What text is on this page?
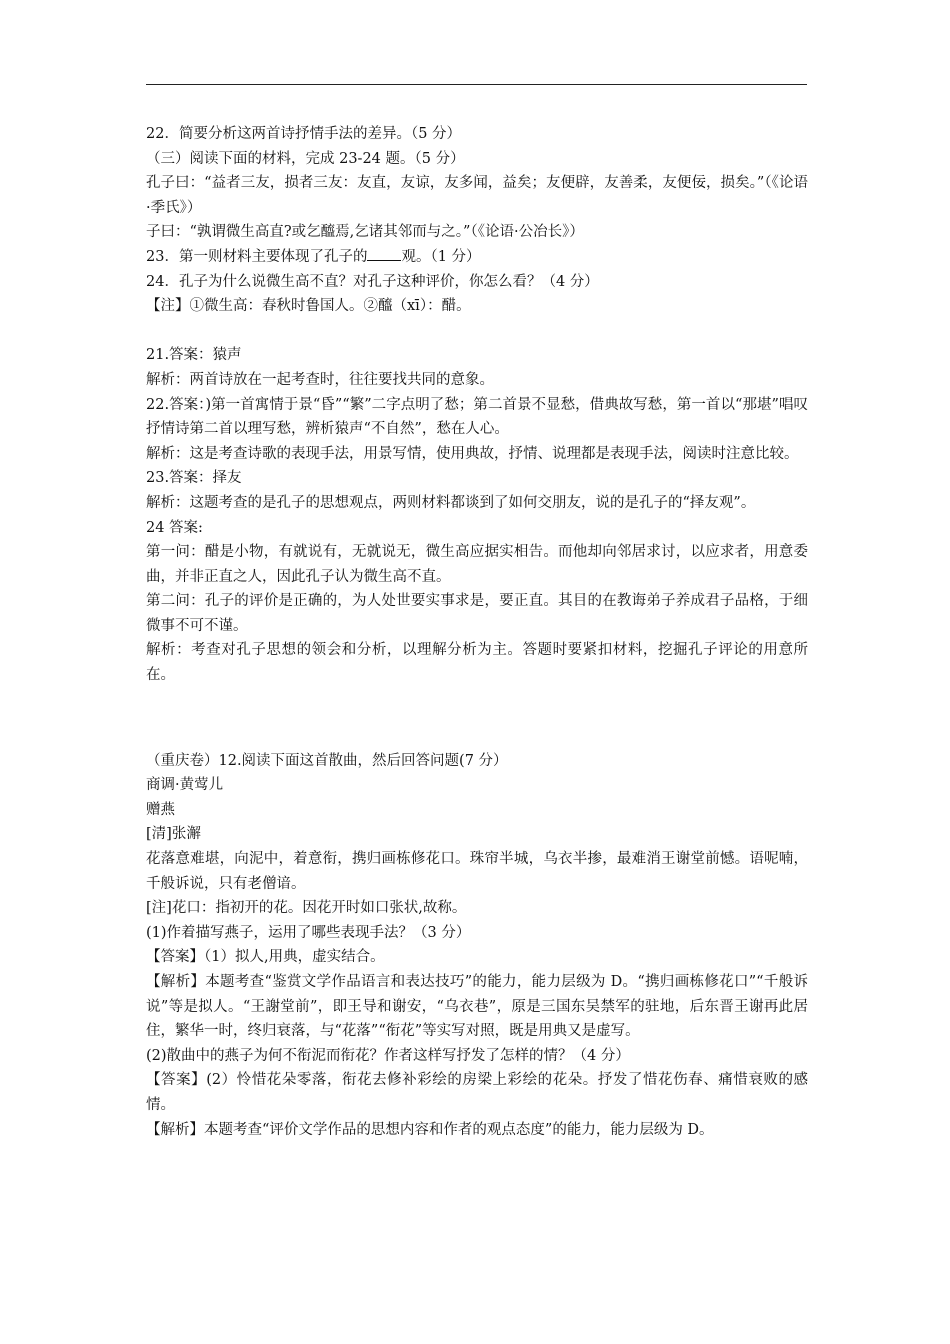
22．简要分析这两首诗抒情手法的差异。（5 分）

（三）阅读下面的材料，完成 23-24 题。（5 分）

孔子曰：“益者三友，损者三友：友直，友谅，友多闻，益矣；友便辟，友善柔，友便佞，损矣。”（《论语·季氏》）

子曰：“孰谓微生高直?或乞醯焉,乞诸其邻而与之。”（《论语·公冶长》）

23．第一则材料主要体现了孔子的 观。（1 分）

24．孔子为什么说微生高不直？对孔子这种评价，你怎么看？（4 分）

【注】①微生高：春秋时鲁国人。②醯（xī）：醋。

21.答案：猿声

解析：两首诗放在一起考查时，往往要找共同的意象。

22.答案：)第一首寓情于景“昏”“繁”二字点明了愁；第二首景不显愁，借典故写愁，第一首以“那堪”唱叹抒情诗第二首以理写愁，辨析猿声“不自然”，愁在人心。

解析：这是考查诗歌的表现手法，用景写情，使用典故，抒情、说理都是表现手法，阅读时注意比较。

23.答案：择友

解析：这题考查的是孔子的思想观点，两则材料都谈到了如何交朋友，说的是孔子的“择友观”。

24 答案:

第一问：醋是小物，有就说有，无就说无，微生高应据实相告。而他却向邻居求讨，以应求者，用意委曲，并非正直之人，因此孔子认为微生高不直。

第二问：孔子的评价是正确的，为人处世要实事求是，要正直。其目的在教诲弟子养成君子品格，于细微事不可不谨。

解析：考查对孔子思想的领会和分析，以理解分析为主。答题时要紧扣材料，挖掘孔子评论的用意所在。

（重庆卷）12.阅读下面这首散曲，然后回答问题(7 分）

商调·黄莺儿

赠燕

[清]张澥

花落意难堪，向泥中，着意衔，携归画栋修花口。珠帘半城，乌衣半掺，最难消王谢堂前憾。语呢喃，千般诉说，只有老僧谙。

[注]花口：指初开的花。因花开时如口张状,故称。

(1)作着描写燕子，运用了哪些表现手法？（3 分）

【答案】（1）拟人,用典，虚实结合。

【解析】本题考查“鉴赏文学作品语言和表达技巧”的能力，能力层级为 D。“携归画栋修花口”“千般诉说”等是拟人。“王謝堂前”，即王导和谢安，“乌衣巷”，原是三国东吴禁军的驻地，后东晋王谢再此居住，繁华一时，终归衰落，与“花落”“衔花”等实写对照，既是用典又是虚写。

(2)散曲中的燕子为何不衔泥而衔花？作者这样写抒发了怎样的情？（4 分）

【答案】(2）怜惜花朵零落，衔花去修补彩绘的房梁上彩绘的花朵。抒发了惜花伤春、痛惜衰败的感情。

【解析】本题考查“评价文学作品的思想内容和作者的观点态度”的能力，能力层级为 D。
